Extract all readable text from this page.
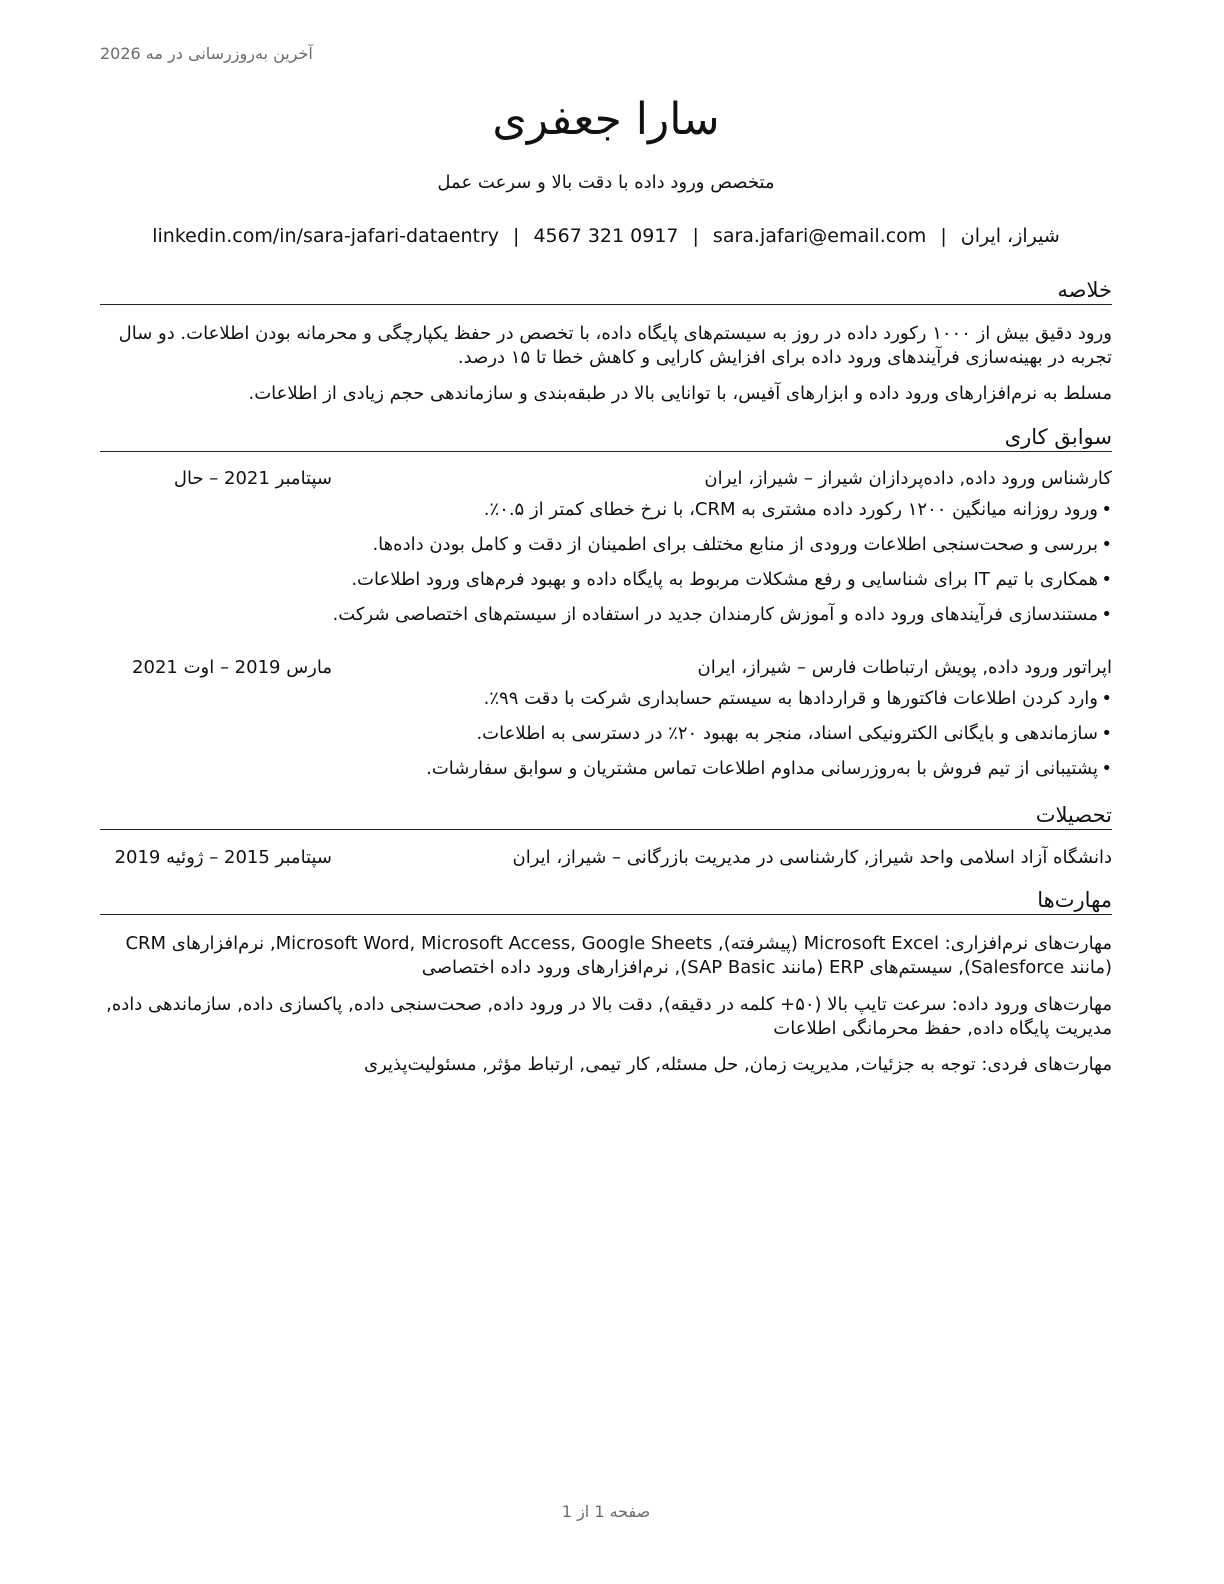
آخرین به‌روزرسانی در مه 2026
سارا جعفری
متخصص ورود داده با دقت بالا و سرعت عمل
شیراز، ایران|sara.jafari@email.com|4567 321 0917|linkedin.com/in/sara-jafari-dataentry
خلاصه
ورود دقیق بیش از ۱۰۰۰ رکورد داده در روز به سیستم‌های پایگاه داده، با تخصص در حفظ یکپارچگی و محرمانه بودن اطلاعات. دو سال تجربه در بهینه‌سازی فرآیندهای ورود داده برای افزایش کارایی و کاهش خطا تا ۱۵ درصد.
مسلط به نرم‌افزارهای ورود داده و ابزارهای آفیس، با توانایی بالا در طبقه‌بندی و سازماندهی حجم زیادی از اطلاعات.
سوابق کاری
کارشناس ورود داده, داده‌پردازان شیراز – شیراز، ایران
سپتامبر 2021 – حال
•ورود روزانه میانگین ۱۲۰۰ رکورد داده مشتری به CRM، با نرخ خطای کمتر از ۰.۵٪.
•بررسی و صحت‌سنجی اطلاعات ورودی از منابع مختلف برای اطمینان از دقت و کامل بودن داده‌ها.
•همکاری با تیم IT برای شناسایی و رفع مشکلات مربوط به پایگاه داده و بهبود فرم‌های ورود اطلاعات.
•مستندسازی فرآیندهای ورود داده و آموزش کارمندان جدید در استفاده از سیستم‌های اختصاصی شرکت.
اپراتور ورود داده, پویش ارتباطات فارس – شیراز، ایران
مارس 2019 – اوت 2021
•وارد کردن اطلاعات فاکتورها و قراردادها به سیستم حسابداری شرکت با دقت ۹۹٪.
•سازماندهی و بایگانی الکترونیکی اسناد، منجر به بهبود ۲۰٪ در دسترسی به اطلاعات.
•پشتیبانی از تیم فروش با به‌روزرسانی مداوم اطلاعات تماس مشتریان و سوابق سفارشات.
تحصیلات
دانشگاه آزاد اسلامی واحد شیراز, کارشناسی در مدیریت بازرگانی – شیراز، ایران
سپتامبر 2015 – ژوئیه 2019
مهارت‌ها
مهارت‌های نرم‌افزاری: Microsoft Excel (پیشرفته), Microsoft Word, Microsoft Access, Google Sheets, نرم‌افزارهای CRM (مانند Salesforce), سیستم‌های ERP (مانند SAP Basic), نرم‌افزارهای ورود داده اختصاصی
مهارت‌های ورود داده: سرعت تایپ بالا (۵۰+ کلمه در دقیقه), دقت بالا در ورود داده, صحت‌سنجی داده, پاکسازی داده, سازماندهی داده, مدیریت پایگاه داده, حفظ محرمانگی اطلاعات
مهارت‌های فردی: توجه به جزئیات, مدیریت زمان, حل مسئله, کار تیمی, ارتباط مؤثر, مسئولیت‌پذیری
صفحه 1 از 1
